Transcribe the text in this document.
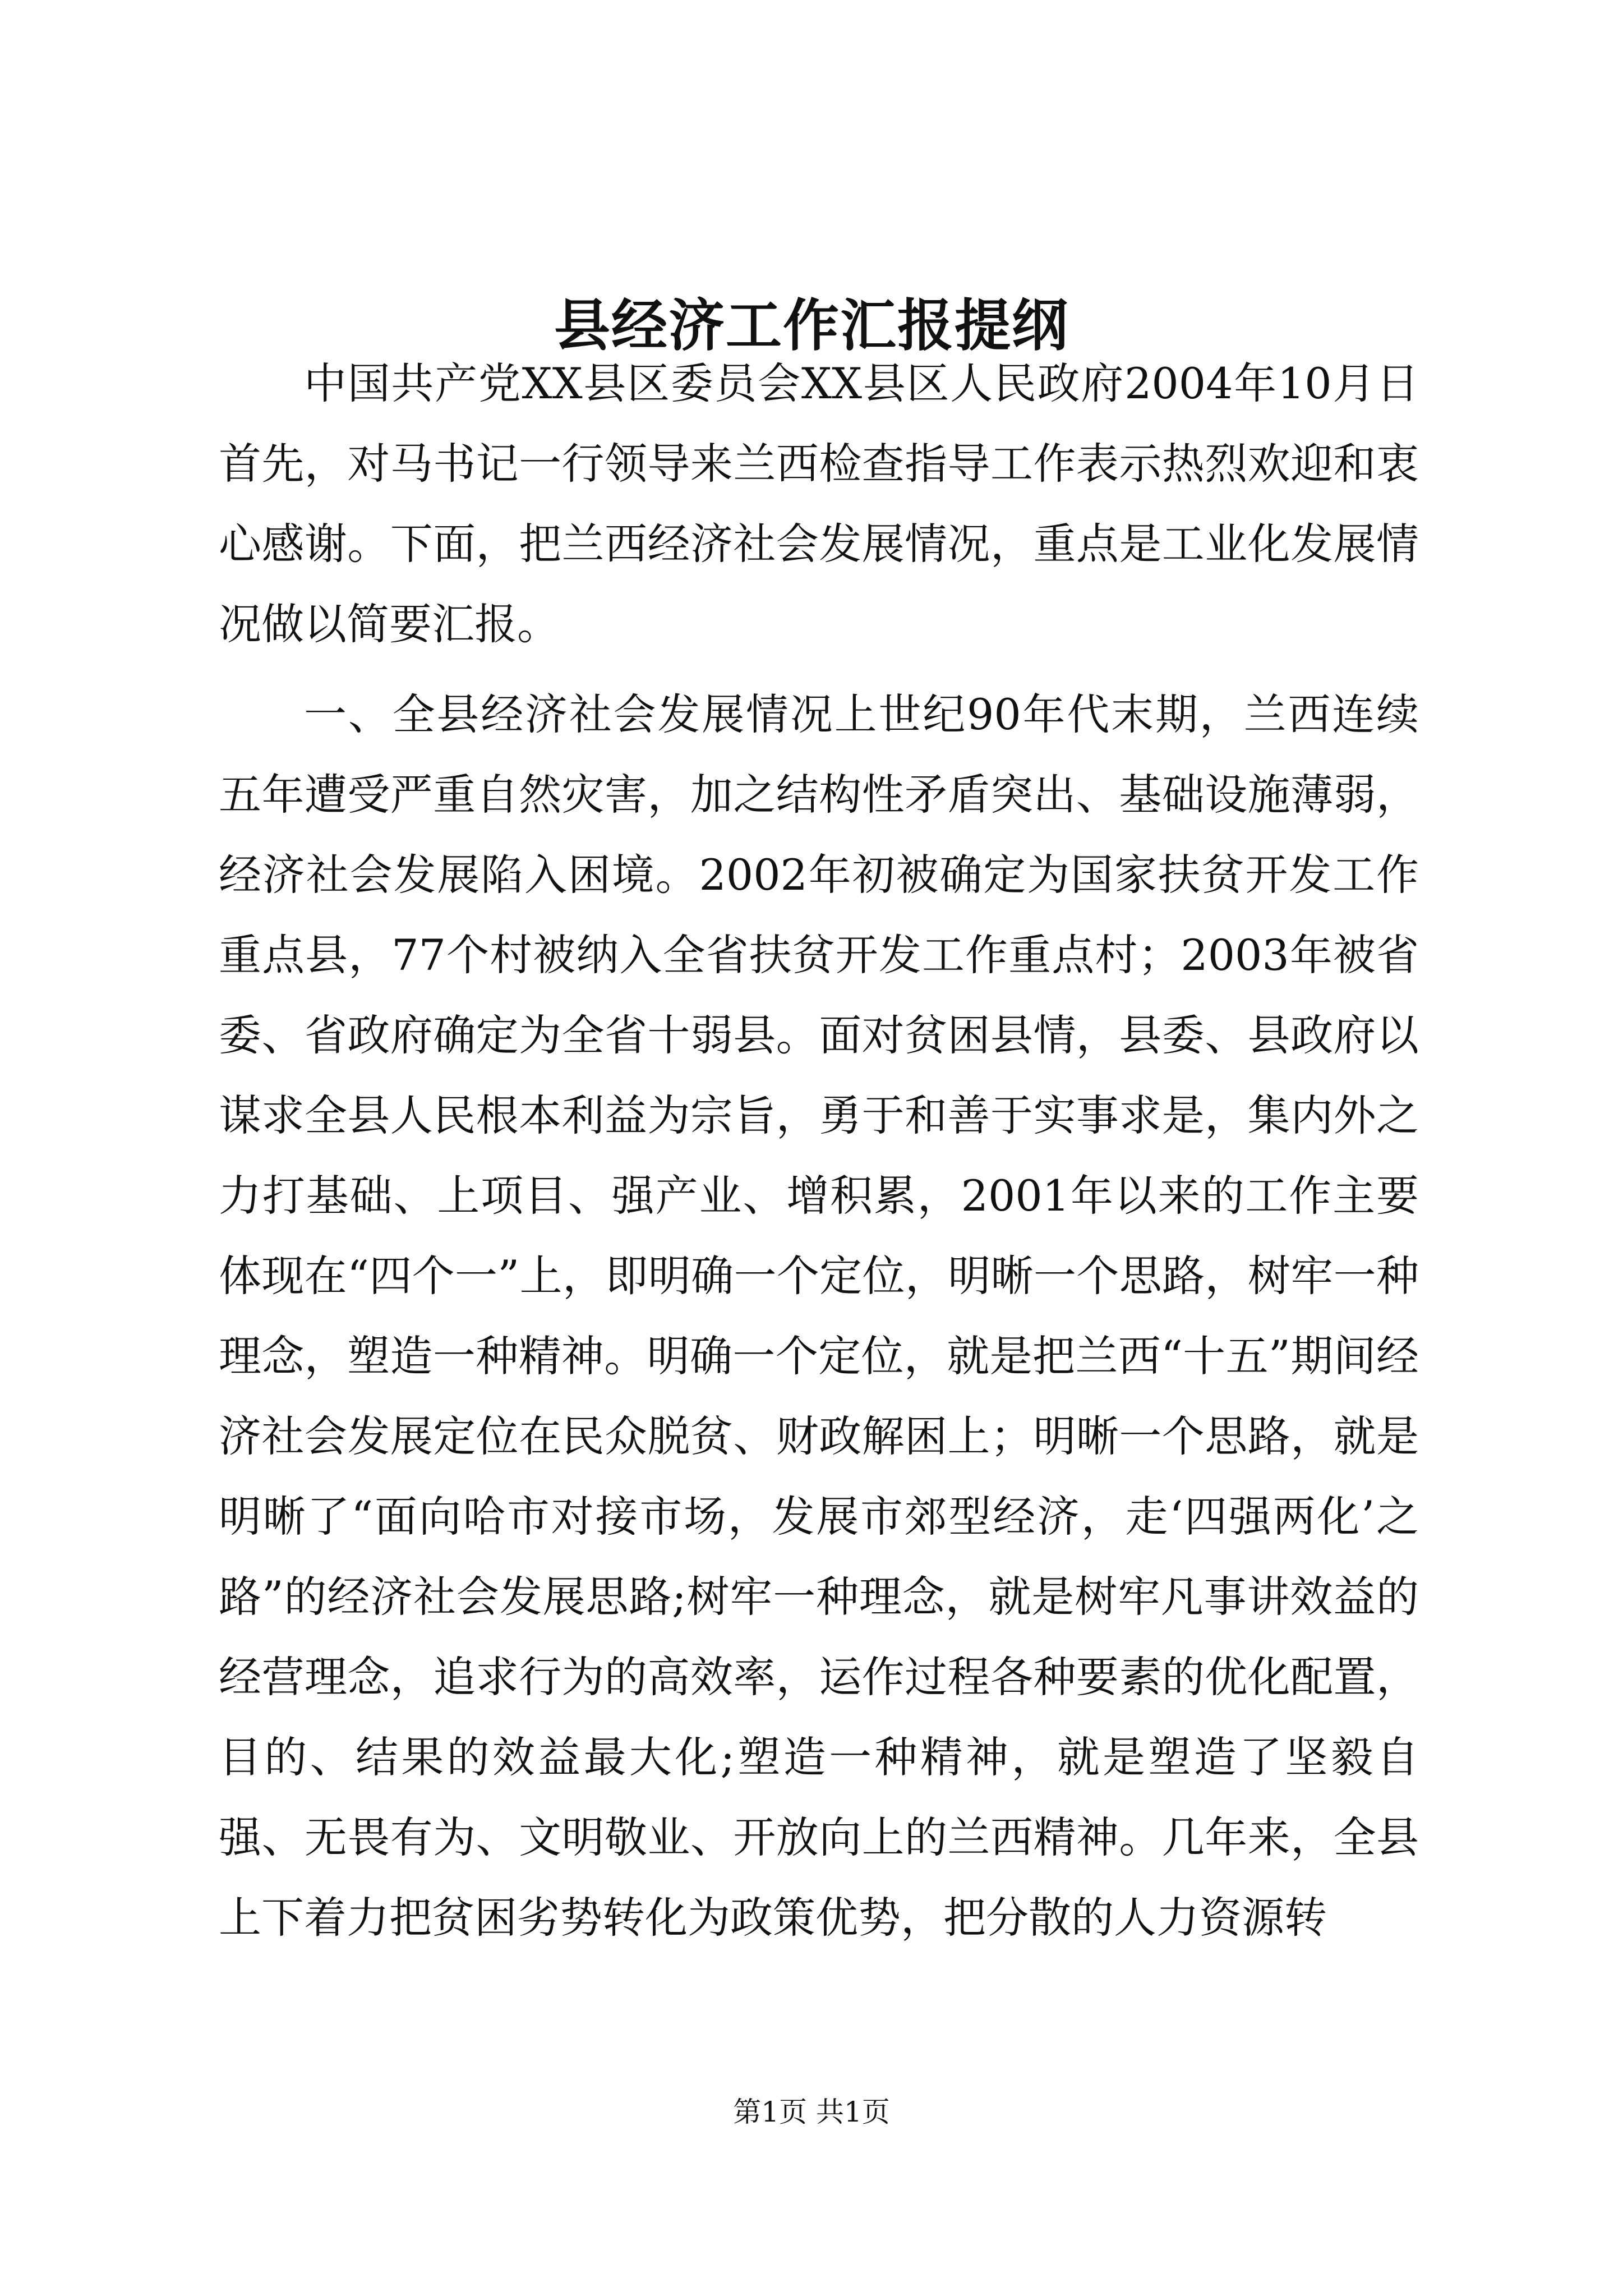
县经济工作汇报提纲

中国共产党XX县区委员会XX县区人民政府2004年10月日首先，对马书记一行领导来兰西检查指导工作表示热烈欢迎和衷心感谢。下面，把兰西经济社会发展情况，重点是工业化发展情况做以简要汇报。

一、全县经济社会发展情况上世纪90年代末期，兰西连续五年遭受严重自然灾害，加之结构性矛盾突出、基础设施薄弱，经济社会发展陷入困境。2002年初被确定为国家扶贫开发工作重点县，77个村被纳入全省扶贫开发工作重点村；2003年被省委、省政府确定为全省十弱县。面对贫困县情，县委、县政府以谋求全县人民根本利益为宗旨，勇于和善于实事求是，集内外之力打基础、上项目、强产业、增积累，2001年以来的工作主要体现在“四个一”上，即明确一个定位，明晰一个思路，树牢一种理念，塑造一种精神。明确一个定位，就是把兰西“十五”期间经济社会发展定位在民众脱贫、财政解困上；明晰一个思路，就是明晰了“面向哈市对接市场，发展市郊型经济，走‘四强两化’之路”的经济社会发展思路;树牢一种理念，就是树牢凡事讲效益的经营理念，追求行为的高效率，运作过程各种要素的优化配置，目的、结果的效益最大化;塑造一种精神，就是塑造了坚毅自强、无畏有为、文明敬业、开放向上的兰西精神。几年来，全县上下着力把贫困劣势转化为政策优势，把分散的人力资源转

第1页 共1页
